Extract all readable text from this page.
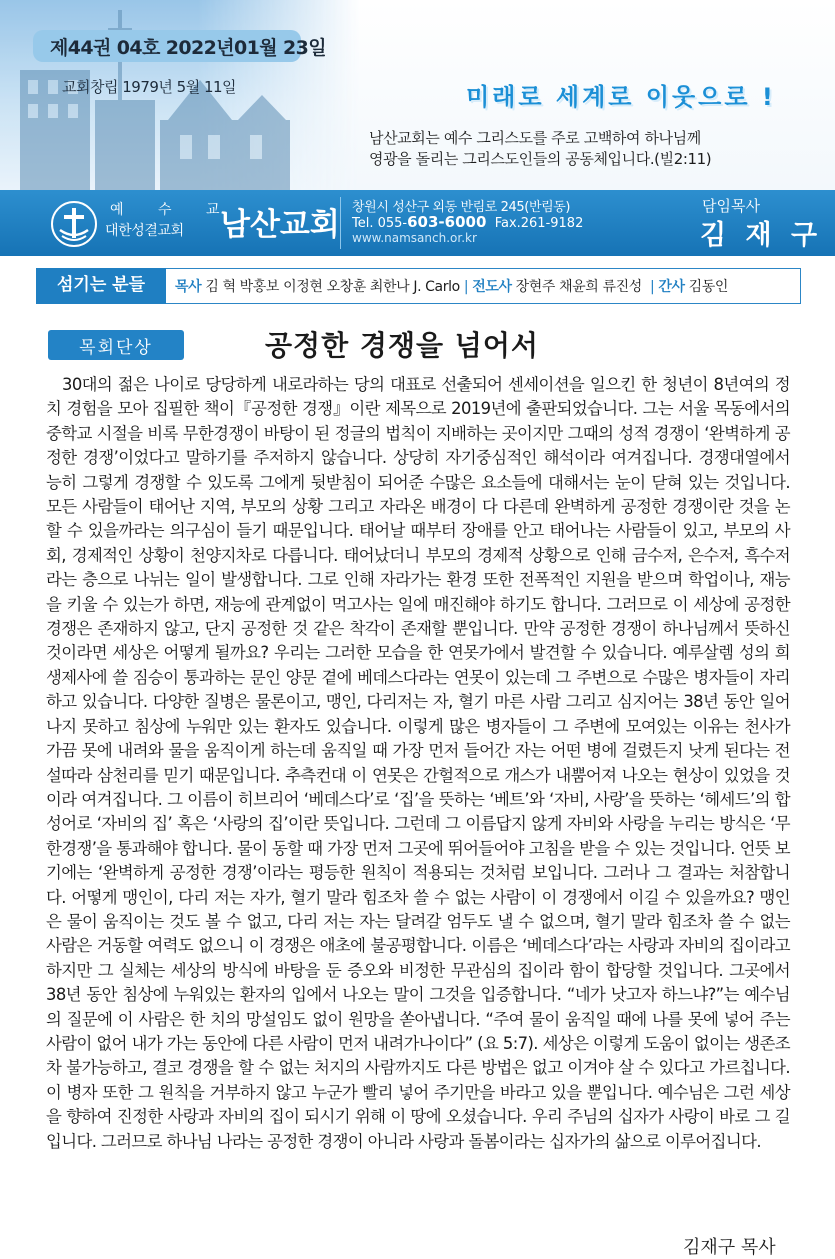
제44권 04호 2022년01월 23일
교회창립 1979년 5월 11일	미래로 세계로 이웃으로 !
남산교회는 예수 그리스도를 주로 고백하여 하나님께
영광을 돌리는 그리스도인들의 공동체입니다.(빌2:11)
예 수 교
대한성결교회 남산교회 창원시 성산구 외동 반림로 245(반림동)
Tel. 055-603-6000 Fax.261-9182
www.namsanch.or.kr
담임목사
김 재 구
섬기는 분들	목사 김 혁 박홍보 이정현 오창훈 최한나 J. Carlo | 전도사 장현주 채윤희 류진성 | 간사 김동인
목회단상	공정한 경쟁을 넘어서
30대의 젊은 나이로 당당하게 내로라하는 당의 대표로 선출되어 센세이션을 일으킨 한 청년이 8년여의 정치 경험을 모아 집필한 책이『공정한 경쟁』이란 제목으로 2019년에 출판되었습니다. 그는 서울 목동에서의 중학교 시절을 비록 무한경쟁이 바탕이 된 정글의 법칙이 지배하는 곳이지만 그때의 성적 경쟁이 ‘완벽하게 공정한 경쟁’이었다고 말하기를 주저하지 않습니다. 상당히 자기중심적인 해석이라 여겨집니다. 경쟁대열에서 능히 그렇게 경쟁할 수 있도록 그에게 뒷받침이 되어준 수많은 요소들에 대해서는 눈이 닫혀 있는 것입니다. 모든 사람들이 태어난 지역, 부모의 상황 그리고 자라온 배경이 다 다른데 완벽하게 공정한 경쟁이란 것을 논할 수 있을까라는 의구심이 들기 때문입니다. 태어날 때부터 장애를 안고 태어나는 사람들이 있고, 부모의 사회, 경제적인 상황이 천양지차로 다릅니다. 태어났더니 부모의 경제적 상황으로 인해 금수저, 은수저, 흑수저라는 층으로 나뉘는 일이 발생합니다. 그로 인해 자라가는 환경 또한 전폭적인 지원을 받으며 학업이나, 재능을 키울 수 있는가 하면, 재능에 관계없이 먹고사는 일에 매진해야 하기도 합니다. 그러므로 이 세상에 공정한 경쟁은 존재하지 않고, 단지 공정한 것 같은 착각이 존재할 뿐입니다. 만약 공정한 경쟁이 하나님께서 뜻하신 것이라면 세상은 어떻게 될까요? 우리는 그러한 모습을 한 연못가에서 발견할 수 있습니다. 예루살렘 성의 희생제사에 쓸 짐승이 통과하는 문인 양문 곁에 베데스다라는 연못이 있는데 그 주변으로 수많은 병자들이 자리하고 있습니다. 다양한 질병은 물론이고, 맹인, 다리저는 자, 혈기 마른 사람 그리고 심지어는 38년 동안 일어나지 못하고 침상에 누워만 있는 환자도 있습니다. 이렇게 많은 병자들이 그 주변에 모여있는 이유는 천사가 가끔 못에 내려와 물을 움직이게 하는데 움직일 때 가장 먼저 들어간 자는 어떤 병에 걸렸든지 낫게 된다는 전설따라 삼천리를 믿기 때문입니다. 추측컨대 이 연못은 간헐적으로 개스가 내뿜어져 나오는 현상이 있었을 것이라 여겨집니다. 그 이름이 히브리어 ‘베데스다’로 ‘집’을 뜻하는 ‘베트’와 ‘자비, 사랑’을 뜻하는 ‘헤세드’의 합성어로 ‘자비의 집’ 혹은 ‘사랑의 집’이란 뜻입니다. 그런데 그 이름답지 않게 자비와 사랑을 누리는 방식은 ‘무한경쟁’을 통과해야 합니다. 물이 동할 때 가장 먼저 그곳에 뛰어들어야 고침을 받을 수 있는 것입니다. 언뜻 보기에는 ‘완벽하게 공정한 경쟁’이라는 평등한 원칙이 적용되는 것처럼 보입니다. 그러나 그 결과는 처참합니다. 어떻게 맹인이, 다리 저는 자가, 혈기 말라 힘조차 쓸 수 없는 사람이 이 경쟁에서 이길 수 있을까요? 맹인은 물이 움직이는 것도 볼 수 없고, 다리 저는 자는 달려갈 엄두도 낼 수 없으며, 혈기 말라 힘조차 쓸 수 없는 사람은 거동할 여력도 없으니 이 경쟁은 애초에 불공평합니다. 이름은 ‘베데스다’라는 사랑과 자비의 집이라고 하지만 그 실체는 세상의 방식에 바탕을 둔 증오와 비정한 무관심의 집이라 함이 합당할 것입니다. 그곳에서 38년 동안 침상에 누워있는 환자의 입에서 나오는 말이 그것을 입증합니다. “네가 낫고자 하느냐?”는 예수님의 질문에 이 사람은 한 치의 망설임도 없이 원망을 쏟아냅니다. “주여 물이 움직일 때에 나를 못에 넣어 주는 사람이 없어 내가 가는 동안에 다른 사람이 먼저 내려가나이다” (요 5:7). 세상은 이렇게 도움이 없이는 생존조차 불가능하고, 결코 경쟁을 할 수 없는 처지의 사람까지도 다른 방법은 없고 이겨야 살 수 있다고 가르칩니다. 이 병자 또한 그 원칙을 거부하지 않고 누군가 빨리 넣어 주기만을 바라고 있을 뿐입니다. 예수님은 그런 세상을 향하여 진정한 사랑과 자비의 집이 되시기 위해 이 땅에 오셨습니다. 우리 주님의 십자가 사랑이 바로 그 길입니다. 그러므로 하나님 나라는 공정한 경쟁이 아니라 사랑과 돌봄이라는 십자가의 삶으로 이루어집니다.
김재구 목사
